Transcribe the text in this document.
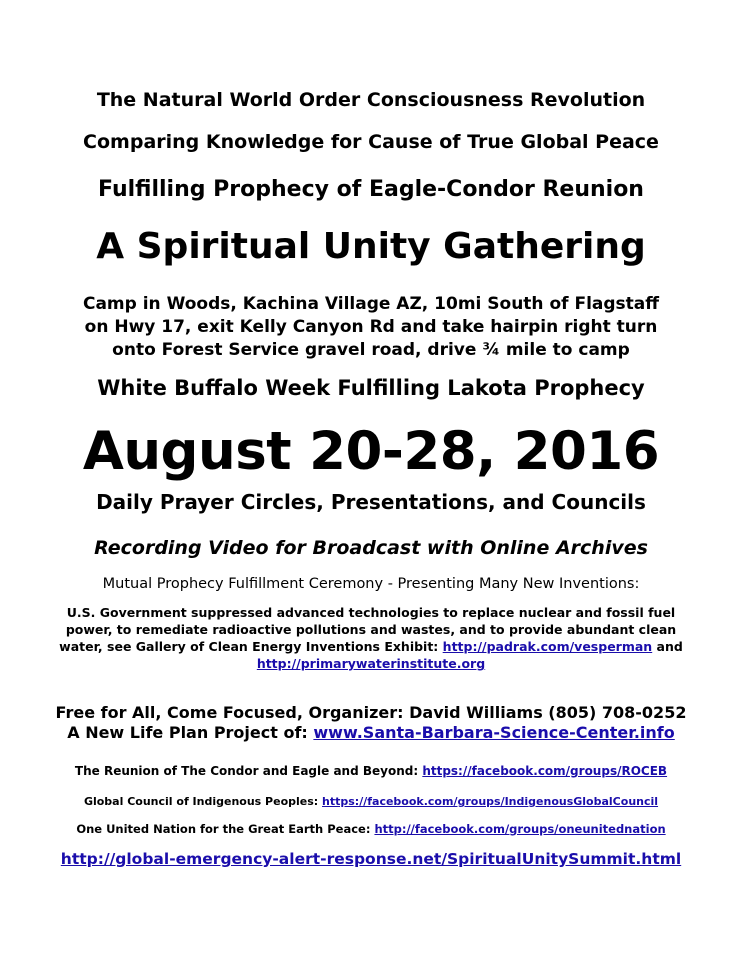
The Natural World Order Consciousness Revolution
Comparing Knowledge for Cause of True Global Peace
Fulfilling Prophecy of Eagle-Condor Reunion
A Spiritual Unity Gathering
Camp in Woods, Kachina Village AZ, 10mi South of Flagstaff
on Hwy 17, exit Kelly Canyon Rd and take hairpin right turn
onto Forest Service gravel road, drive ¾ mile to camp
White Buffalo Week Fulfilling Lakota Prophecy
August 20-28, 2016
Daily Prayer Circles, Presentations, and Councils
Recording Video for Broadcast with Online Archives
Mutual Prophecy Fulfillment Ceremony - Presenting Many New Inventions:
U.S. Government suppressed advanced technologies to replace nuclear and fossil fuel
power, to remediate radioactive pollutions and wastes, and to provide abundant clean
water, see Gallery of Clean Energy Inventions Exhibit: http://padrak.com/vesperman and
http://primarywaterinstitute.org
Free for All, Come Focused, Organizer: David Williams (805) 708-0252
A New Life Plan Project of: www.Santa-Barbara-Science-Center.info
The Reunion of The Condor and Eagle and Beyond: https://facebook.com/groups/ROCEB
Global Council of Indigenous Peoples: https://facebook.com/groups/IndigenousGlobalCouncil
One United Nation for the Great Earth Peace: http://facebook.com/groups/oneunitednation
http://global-emergency-alert-response.net/SpiritualUnitySummit.html
